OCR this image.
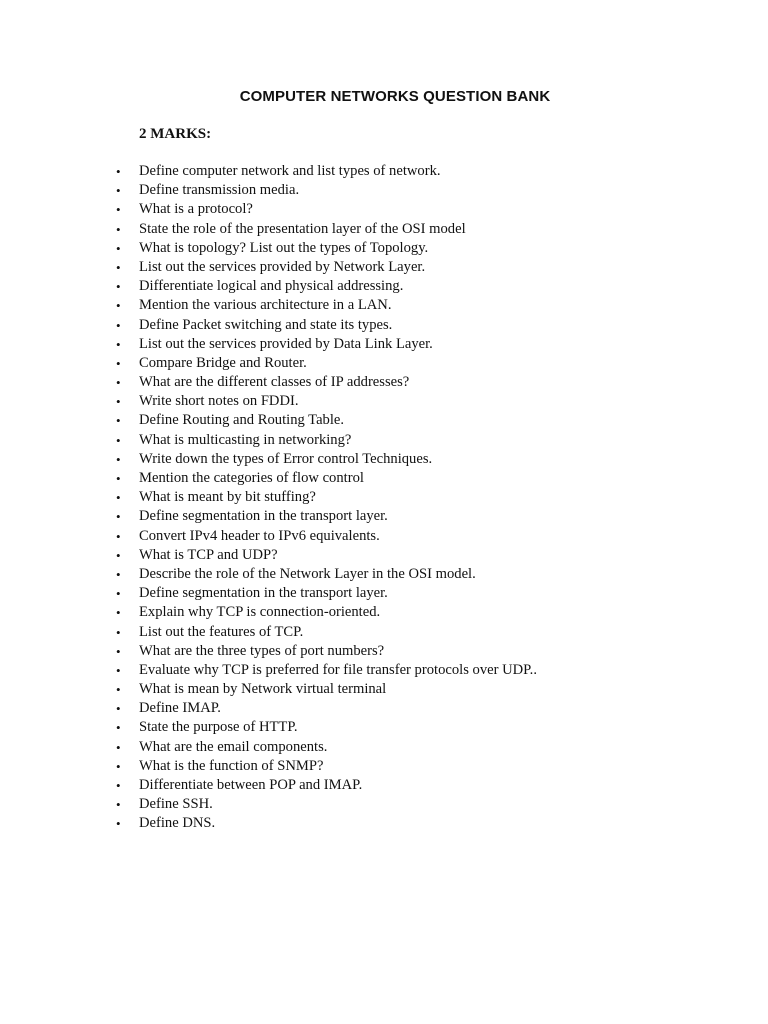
COMPUTER NETWORKS QUESTION BANK
2 MARKS:
• Define computer network and list types of network.
• Define transmission media.
• What is a protocol?
• State the role of the presentation layer of the OSI model
• What is topology? List out the types of Topology.
• List out the services provided by Network Layer.
• Differentiate logical and physical addressing.
• Mention the various architecture in a LAN.
• Define Packet switching and state its types.
• List out the services provided by Data Link Layer.
• Compare Bridge and Router.
• What are the different classes of IP addresses?
• Write short notes on FDDI.
• Define Routing and Routing Table.
• What is multicasting in networking?
• Write down the types of Error control Techniques.
• Mention the categories of flow control
• What is meant by bit stuffing?
• Define segmentation in the transport layer.
• Convert IPv4 header to IPv6 equivalents.
• What is TCP and UDP?
• Describe the role of the Network Layer in the OSI model.
• Define segmentation in the transport layer.
• Explain why TCP is connection-oriented.
• List out the features of TCP.
• What are the three types of port numbers?
• Evaluate why TCP is preferred for file transfer protocols over UDP..
• What is mean by Network virtual terminal
• Define IMAP.
• State the purpose of HTTP.
• What are the email components.
• What is the function of SNMP?
• Differentiate between POP and IMAP.
• Define SSH.
• Define DNS.
